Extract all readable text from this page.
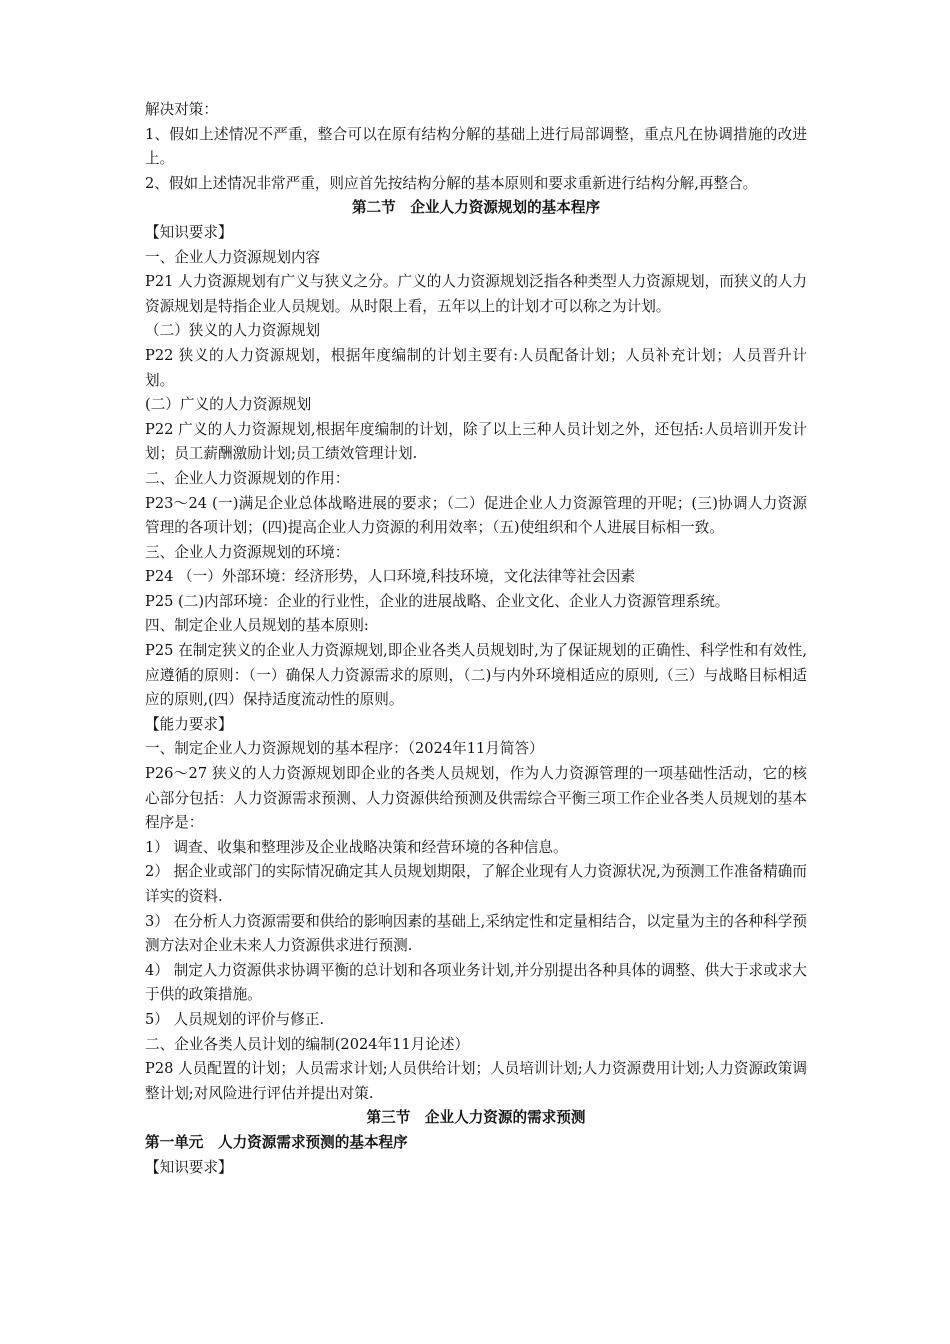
解决对策：

1、假如上述情况不严重，整合可以在原有结构分解的基础上进行局部调整，重点凡在协调措施的改进上。

2、假如上述情况非常严重，则应首先按结构分解的基本原则和要求重新进行结构分解,再整合。

第二节　企业人力资源规划的基本程序

【知识要求】

一、企业人力资源规划内容

P21 人力资源规划有广义与狭义之分。广义的人力资源规划泛指各种类型人力资源规划，而狭义的人力资源规划是特指企业人员规划。从时限上看，五年以上的计划才可以称之为计划。

（二）狭义的人力资源规划

P22 狭义的人力资源规划，根据年度编制的计划主要有:人员配备计划；人员补充计划；人员晋升计划。

(二）广义的人力资源规划

P22 广义的人力资源规划,根据年度编制的计划，除了以上三种人员计划之外，还包括:人员培训开发计划；员工薪酬激励计划;员工绩效管理计划.

二、企业人力资源规划的作用：

P23～24 (一)满足企业总体战略进展的要求；（二）促进企业人力资源管理的开呢；(三)协调人力资源管理的各项计划；(四)提高企业人力资源的利用效率；（五)使组织和个人进展目标相一致。

三、企业人力资源规划的环境：

P24 （一）外部环境：经济形势，人口环境,科技环境，文化法律等社会因素

P25 (二)内部环境：企业的行业性，企业的进展战略、企业文化、企业人力资源管理系统。

四、制定企业人员规划的基本原则:

P25 在制定狭义的企业人力资源规划,即企业各类人员规划时,为了保证规划的正确性、科学性和有效性,应遵循的原则：（一）确保人力资源需求的原则，（二)与内外环境相适应的原则,（三）与战略目标相适应的原则,(四）保持适度流动性的原则。

【能力要求】

一、制定企业人力资源规划的基本程序：（2024年11月简答）

P26～27 狭义的人力资源规划即企业的各类人员规划，作为人力资源管理的一项基础性活动，它的核心部分包括：人力资源需求预测、人力资源供给预测及供需综合平衡三项工作企业各类人员规划的基本程序是：

1） 调查、收集和整理涉及企业战略决策和经营环境的各种信息。

2） 据企业或部门的实际情况确定其人员规划期限，了解企业现有人力资源状况,为预测工作准备精确而详实的资料.

3） 在分析人力资源需要和供给的影响因素的基础上,采纳定性和定量相结合，以定量为主的各种科学预测方法对企业未来人力资源供求进行预测.

4） 制定人力资源供求协调平衡的总计划和各项业务计划,并分别提出各种具体的调整、供大于求或求大于供的政策措施。

5） 人员规划的评价与修正.

二、企业各类人员计划的编制(2024年11月论述）

P28 人员配置的计划；人员需求计划;人员供给计划；人员培训计划;人力资源费用计划;人力资源政策调整计划;对风险进行评估并提出对策.

第三节　企业人力资源的需求预测

第一单元　人力资源需求预测的基本程序

【知识要求】
